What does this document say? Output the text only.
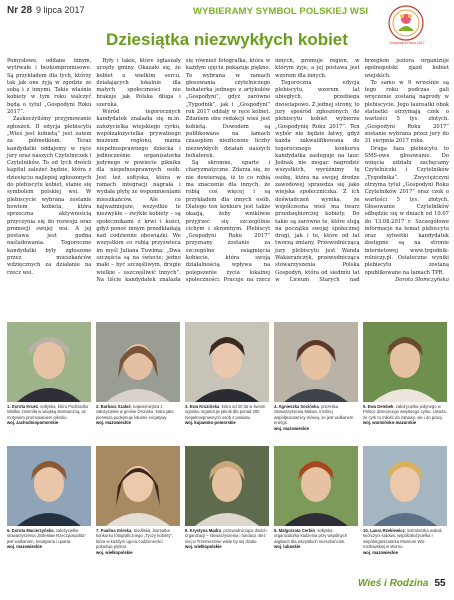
Nr 28 9 lipca 2017	WYBIERAMY SYMBOL POLSKIEJ WSI
Gospodyni Roku 2017
Dziesiątka niezwykłych kobiet

Pomysłowe, oddane innym, wytrwałe i bezkompromisowe. Są przykładem dla tych, którzy tak jak one żyją w zgodzie ze sobą i z innymi. Takie właśnie kobiety w tym roku walczyć będą o tytuł „Gospodyni Roku 2017”.

Zaskoczyliśmy przyjmowanie zgłoszeń. II edycja plebiscytu „Wieś jest kobietą” jest zatem za półmetkiem. Teraz kandydatki oddajemy w ręce jury oraz naszych Czytelniczek i Czytelników. To od tych dwóch kapituł zależeć będzie, która z dziesięciu najlepiej zgłoszonych do plebiscytu kobiet, stanie się symbolem polskiej wsi. W plebiscycie wybrana zostanie bowiem kobieta, która sprzeczna aktywnością przyczynia się do rozwoju oraz promocji swojej wsi. A jej postawa jest godna naśladowania. Tegoroczne kandydatki były zgłoszone przez mieszkańców wdzięcznych za działanie na rzecz wsi.

Były i takie, które zgłaszały urzędy gminy. Okazało się, że kobiet o wielkim sercu, działających lokalnie dla małych społeczności nie brakuje jak Polska długa i szeroka.

Wśród tegorocznych kandydatek znalazła się m.in. założycielka wiejskiego cyrku, współzałożycielka prywatnego muzeum regionu, mama niepełnosprawnego dziecka i jednocześnie organizatorka jedynego w powiecie pikniku dla niepełnosprawnych osób. Jest też sołtyska, która w ramach integracji nagrała i wydała płytę ze wspomnieniami mieszkańców. Ale co najważniejsze, wszystkie te niezwykłe – zwykłe kobiety – są społecznikami z krwi i kości, gdyż ponoć innym przedkładają nad codzienne obowiązki. We wszystkim co robią przyświeca im myśl Juliana Tuwima: „Dwa szczęścia są na świecie: jedno małe – być szczęśliwym, drugie wielkie – uszczęśliwić innych”. Na liście kandydatek znalazła się również fotografka, która w każdym ujęciu pokazuje piękno. To wybrana w ramach głosowania czytelniczego bohaterka jednego z artykułów „Gospodyni”, gdyż zarówno „Tygodnik”, jak i „Gospodyni” rok 2017 oddały w ręce kobiet. Zdaniem obu redakcji wieś jest kobietą. Dowodem są publikowane na łamach czasopism niezliczone liczby niezwykłych działań naszych bohaterek.

Są skromne, uparte i charyzmatyczne. Zdarza się, że nie dowierzają, iż to co robią ma znaczenie dla innych, że robią coś więcej i są przykładem dla innych osób. Dlatego ten konkurs jest także okazją, żeby wnikliwie przyjrzeć się szczególnie cichym i skromnym. Plebiscyt „Gospodyni Roku 2017” przyznany zostanie za szczególne osiągnięcia kobiecie, która swoją działalnością wpływa na polepszenie życia lokalnej społeczności. Pracuje na rzecz innych, promuje region, w którym żyje, a jej postawa jest wzorem dla innych.

Tegoroczna edycja plebiscytu, wzorem lat ubiegłych, przebiega dwuetapowo. Z jednej strony, to jury spośród zgłoszonych do plebiscytu kobiet wybierze „Gospodynię Roku 2017”. Ten wybór nie będzie łatwy, gdyż każda zakwalifikowana do tegorocznego konkursu kandydatka zasługuje na laur. Jednak nie mogąc nagrodzić wszystkich, wyróżnimy tę osobę, która na swojej drodze zawodowej sprawdza się jako wiejska społeczniczka. Z ich doświadczeń wynika, że wspólczesna wieś ma twarz przedsiębiorczej kobiety. Do takie są zarówno te, które stoją na początku swojej społecznej drogi, jak i te, które od lat tworzą zmiany. Przewodniczącą jury plebiscytu jest Wanda Wakierańczyk, przewodnicząca stowarzyszenia Polska Gospodyń, która od siedmiu lat w Liceum Starych nad brzegiem jeziora organizuje ogólnopolski zjazd kobiet wiejskich.

To samo w 9 wrześnie są tego roku podczas gali wręczenie zostaną nagrody w plebiscycie. Jego laureatki obok statuetki otrzymają czek o wartości 5 tys. złotych. „Gospodyni Roku 2017” zostanie wybrana przez jury do 31 sierpnia 2017 roku.

Druga faza plebiscytu to SMS-owe głosowanie. Do wzięcia udziału zachęcamy Czytelniczki i Czytelników „Tygodnika”. Zwyciężczyni otrzyma tytuł „Gospodyni Roku Czytelników 2017” oraz czek o wartości 5 tys. złotych. Głosowanie Czytelników odbędzie się w dniach od 10.07 do 13.08.2017 r. Szczegółowe informacje na temat plebiscytu oraz sylwetki kandydatek dostępne są na stronie internetowej www.tygodnik-rolniczy.pl. Ostateczne wyniki plebiscytu zostaną opublikowane na łamach TPR.

Dorota Słomczyńska

1. Dorota Kruez, sołtyska, która Podrzadko Wielkie zmieniła w wiejską stemwiczną, aż motywem promowaniem pikniku.
woj. zachodniopomorskie
2. Barbara Szałaś, najwierniejsza z założycielek w gminie Orońsko, która jako pierwsza podejmuje lokalne inicjatywy.
woj. mazowieckie
3. Ewa Kruzińska, która od 20 lat w swoim ognisku organizuje piknik dla ponad 200 niepełnosprawnych osób z powiatu.
woj. kujawsko-pomorskie
4. Agnieszka Socińska, prezeska Stowarzyszenia Malwa, o której współpracownicy mówią, że jest wulkanem energii.
woj. mazowieckie
5. Ewa Dembek, założycielka jedynego w Polsce dziecięcego wiejskiego cyrku. Uważa, że cyrk to miłość do zabawy, ale i do pracy.
woj. warmińsko-mazurskie
6. Dorota Macierzyńska, założycielka stowarzyszenia „Bolesław Rzeczpospolita” jest wulkanem, kreatywna i uparta.
woj. mazowieckie
7. Paulina Górska, Siedliska, laureatka konkursu fotograficznego „Tyczy kobiety”, która w każdym ujęciu codzienności pokazuje piękno.
woj. wielkopolskie
8. Krystyna Mądra, przewodnicząca dwóch organizacji – stowarzyszenia i fundacji. Bez niej w Trzemiesznie wiele by się działo.
woj. wielkopolskie
9. Małgorzata Cerbin, sołtyska, organizatorka kadzenia przy wspólnych wigiliach dla wszystkich mieszkańców.
woj. lubuskie
10. Laura Rzekiewicz, instruktorka wokali, twórczyni ludowa, współzałożycielka i współorganizatorka Muzeum Wsi Kozłowskiej w Wornu.
woj. mazowieckie
Wieś i Rodzina 55
